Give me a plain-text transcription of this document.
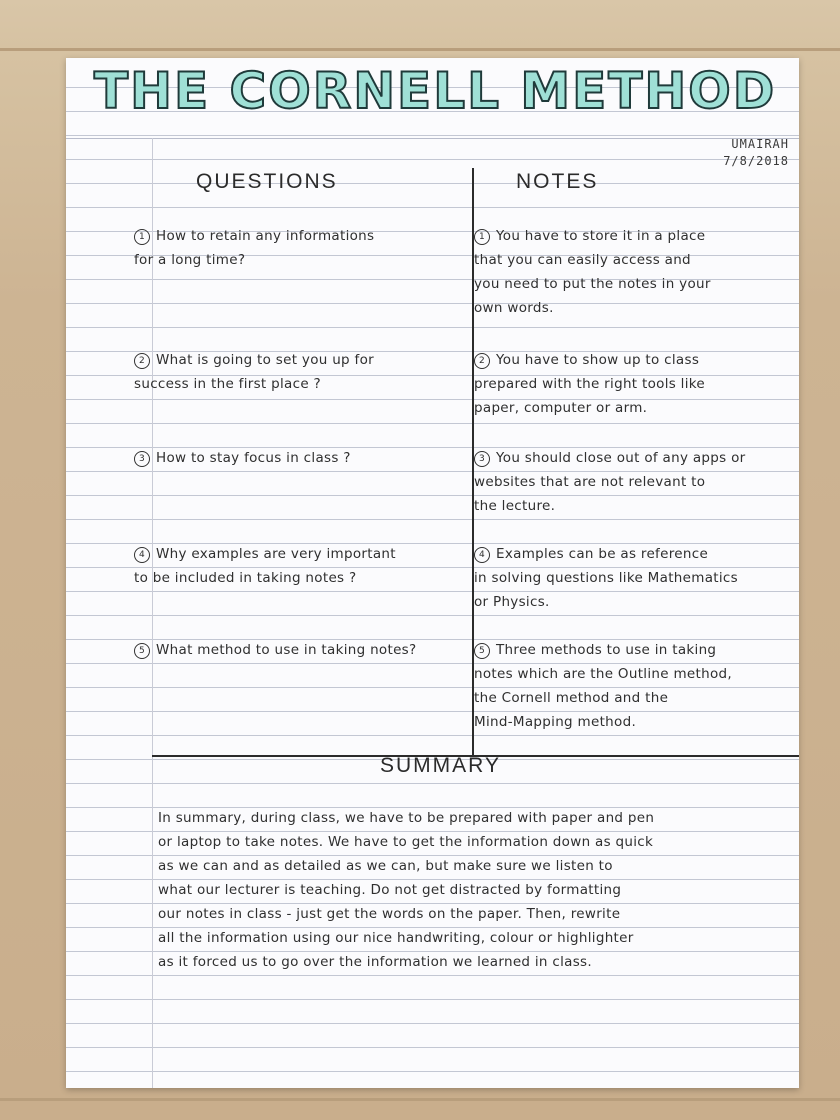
THE CORNELL METHOD
UMAIRAH
7/8/2018
QUESTIONS	NOTES
1 How to retain any informations
for a long time?
2 What is going to set you up for
success in the first place ?
3 How to stay focus in class ?
4 Why examples are very important
to be included in taking notes ?
5 What method to use in taking notes?
1 You have to store it in a place
that you can easily access and
you need to put the notes in your
own words.
2 You have to show up to class
prepared with the right tools like
paper, computer or arm.
3 You should close out of any apps or
websites that are not relevant to
the lecture.
4 Examples can be as reference
in solving questions like Mathematics
or Physics.
5 Three methods to use in taking
notes which are the Outline method,
the Cornell method and the
Mind-Mapping method.
SUMMARY

In summary, during class, we have to be prepared with paper and pen
or laptop to take notes. We have to get the information down as quick
as we can and as detailed as we can, but make sure we listen to
what our lecturer is teaching. Do not get distracted by formatting
our notes in class - just get the words on the paper. Then, rewrite
all the information using our nice handwriting, colour or highlighter
as it forced us to go over the information we learned in class.
